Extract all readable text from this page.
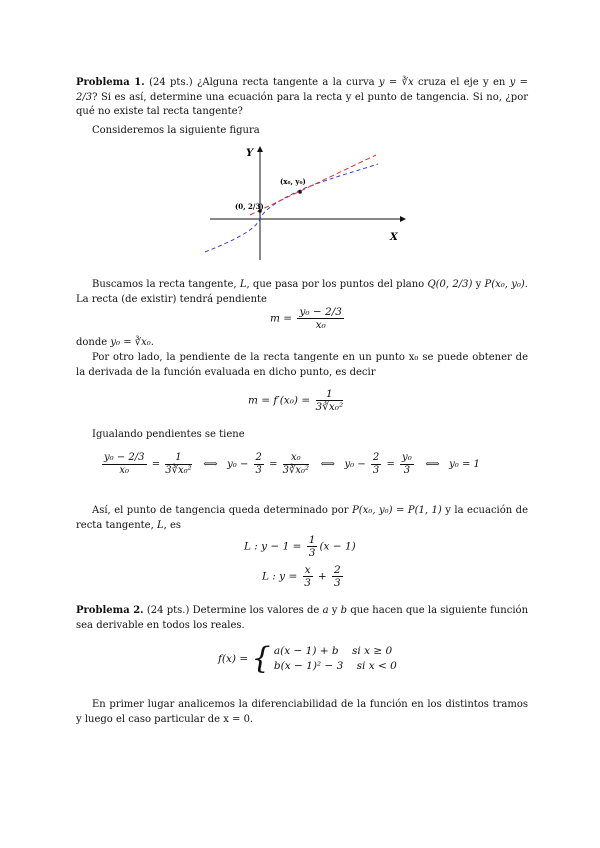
Problema 1. (24 pts.) ¿Alguna recta tangente a la curva y = ∛x cruza el eje y en y = 2/3? Si es así, determine una ecuación para la recta y el punto de tangencia. Si no, ¿por qué no existe tal recta tangente?

Consideremos la siguiente figura

Y
X
(0, 2/3)
(x₀, y₀)

Buscamos la recta tangente, L, que pasa por los puntos del plano Q(0, 2/3) y P(x₀, y₀). La recta (de existir) tendrá pendiente

$m = \frac{\text{y₀ − 2/3}}{\text{x₀}}$

donde y₀ = ∛x₀.

Por otro lado, la pendiente de la recta tangente en un punto x₀ se puede obtener de la derivada de la función evaluada en dicho punto, es decir

$m = f'(x_0) = \frac{1}{\text{3∛x₀²}}$

Igualando pendientes se tiene

$\frac{\text{y₀ − 2/3}}{\text{x₀}} = \frac{1}{\text{3∛x₀²}}$ ⟺ $y_0 - \frac{2}{3} = \frac{\text{x₀}}{\text{3∛x₀²}}$ ⟺ $y_0 - \frac{2}{3} = \frac{\text{y₀}}{3}$ ⟺ y₀ = 1

Así, el punto de tangencia queda determinado por P(x₀, y₀) = P(1, 1) y la ecuación de recta tangente, L, es

L : $y - 1 = \frac{1}{3} (x - 1)$
L : $y = \frac{x}{3} + \frac{2}{3}$

Problema 2. (24 pts.) Determine los valores de a y b que hacen que la siguiente función sea derivable en todos los reales.

f(x) = { a(x − 1) + b si x ≥ 0
b(x − 1)² − 3 si x < 0

En primer lugar analicemos la diferenciabilidad de la función en los distintos tramos y luego el caso particular de x = 0.
